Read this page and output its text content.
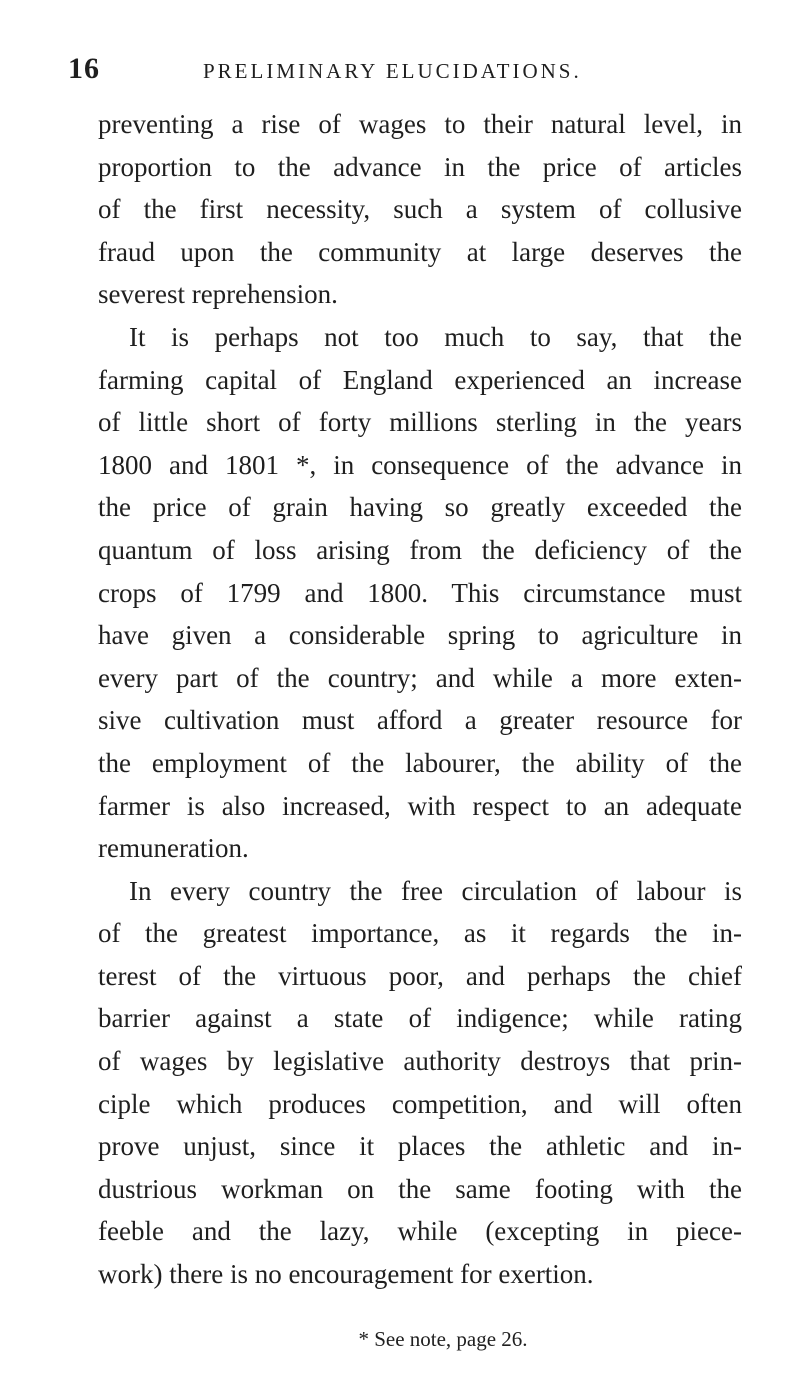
16	PRELIMINARY ELUCIDATIONS.
preventing a rise of wages to their natural level, in
proportion to the advance in the price of articles
of the first necessity, such a system of collusive
fraud upon the community at large deserves the
severest reprehension.
It is perhaps not too much to say, that the
farming capital of England experienced an increase
of little short of forty millions sterling in the years
1800 and 1801 *, in consequence of the advance in
the price of grain having so greatly exceeded the
quantum of loss arising from the deficiency of the
crops of 1799 and 1800. This circumstance must
have given a considerable spring to agriculture in
every part of the country; and while a more exten-
sive cultivation must afford a greater resource for
the employment of the labourer, the ability of the
farmer is also increased, with respect to an adequate
remuneration.
In every country the free circulation of labour is
of the greatest importance, as it regards the in-
terest of the virtuous poor, and perhaps the chief
barrier against a state of indigence; while rating
of wages by legislative authority destroys that prin-
ciple which produces competition, and will often
prove unjust, since it places the athletic and in-
dustrious workman on the same footing with the
feeble and the lazy, while (excepting in piece-
work) there is no encouragement for exertion.
* See note, page 26.
